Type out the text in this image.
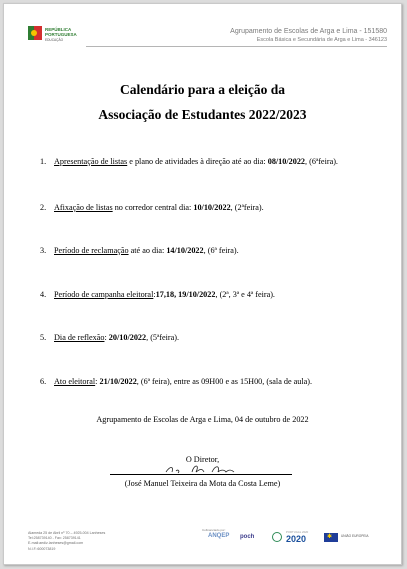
REPÚBLICA
PORTUGUESA
EDUCAÇÃO
Agrupamento de Escolas de Arga e Lima - 151580
Escola Básica e Secundária de Arga e Lima - 346123
Calendário para a eleição da
Associação de Estudantes 2022/2023
1. Apresentação de listas e plano de atividades à direção até ao dia: 08/10/2022, (6ªfeira).
2. Afixação de listas no corredor central dia: 10/10/2022, (2ªfeira).
3. Período de reclamação até ao dia: 14/10/2022, (6ª feira).
4. Período de campanha eleitoral:17,18, 19/10/2022, (2ª, 3ª e 4ª feira).
5. Dia de reflexão: 20/10/2022, (5ªfeira).
6. Ato eleitoral: 21/10/2022, (6ª feira), entre as 09H00 e as 15H00, (sala de aula).
Agrupamento de Escolas de Arga e Lima, 04 de outubro de 2022
O Diretor,
(José Manuel Teixeira da Mota da Costa Leme)
Alameda 25 de Abril nº 70 – 4925-004 Lanheses
Tel:258739140 - Fax: 258739141
E-mail:aediz.lanheses@gmail.com
N.I.F.:600073819
Cofinanciado por:
ANQEP poch
PORTUGAL 2020
2020	✱	UNIÃO EUROPEIA
